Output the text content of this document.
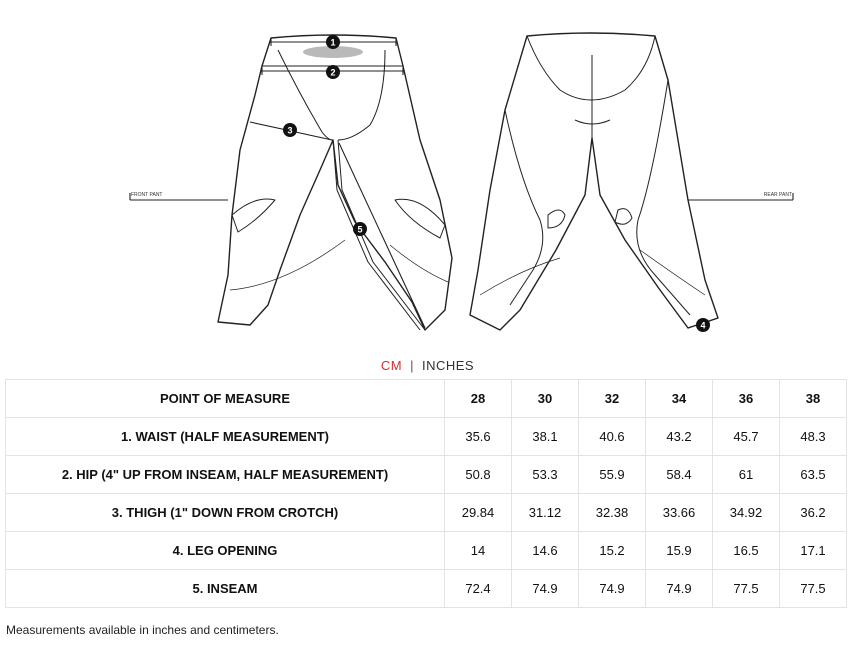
FRONT PANT	REAR PANT
1
2
3
4
5
CM | INCHES
POINT OF MEASURE	28	30	32	34	36	38
1. WAIST (HALF MEASUREMENT)	35.6	38.1	40.6	43.2	45.7	48.3
2. HIP (4" UP FROM INSEAM, HALF MEASUREMENT)	50.8	53.3	55.9	58.4	61	63.5
3. THIGH (1" DOWN FROM CROTCH)	29.84	31.12	32.38	33.66	34.92	36.2
4. LEG OPENING	14	14.6	15.2	15.9	16.5	17.1
5. INSEAM	72.4	74.9	74.9	74.9	77.5	77.5
Measurements available in inches and centimeters.
